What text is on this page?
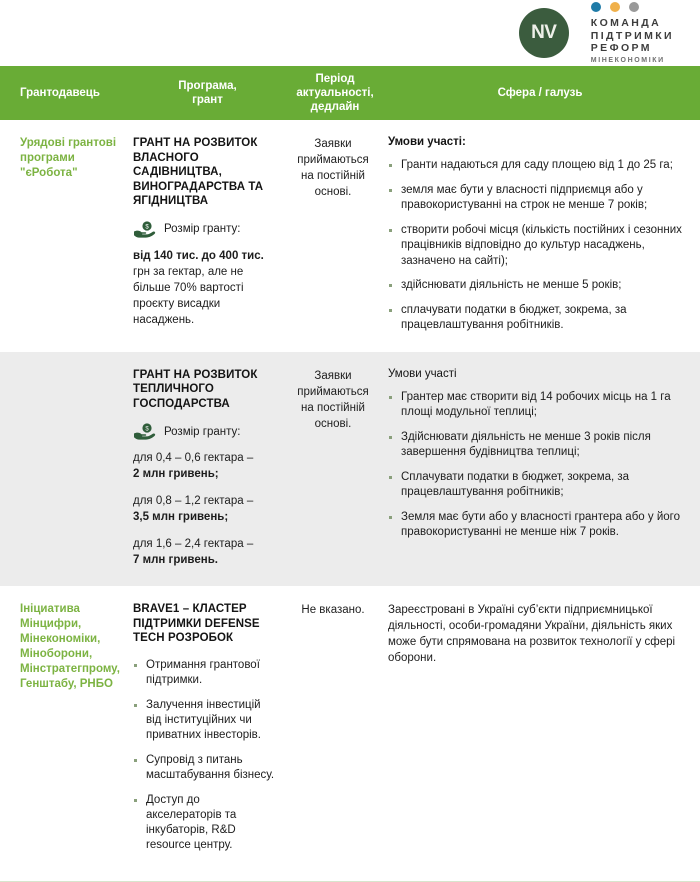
NV	КОМАНДА
ПІДТРИМКИ
РЕФОРМ
МІНЕКОНОМІКИ
Грантодавець
Програма,
грант
Період
актуальності,
дедлайн
Сфера / галузь
Урядові грантові програми "єРобота"
ГРАНТ НА РОЗВИТОК ВЛАСНОГО САДІВНИЦТВА, ВИНОГРАДАРСТВА ТА ЯГІДНИЦТВА
$ Розмір гранту:
від 140 тис. до 400 тис. грн за гектар, але не більше 70% вартості проєкту висадки насаджень.
Заявки приймаються на постійній основі.
Умови участі:
Гранти надаються для саду площею від 1 до 25 га;
земля має бути у власності підприємця або у правокористуванні на строк не менше 7 років;
створити робочі місця (кількість постійних і сезонних працівників відповідно до культур насаджень, зазначено на сайті);
здійснювати діяльність не менше 5 років;
сплачувати податки в бюджет, зокрема, за працевлаштування робітників.
ГРАНТ НА РОЗВИТОК ТЕПЛИЧНОГО ГОСПОДАРСТВА
$ Розмір гранту:
для 0,4 – 0,6 гектара –
2 млн гривень;
для 0,8 – 1,2 гектара –
3,5 млн гривень;
для 1,6 – 2,4 гектара –
7 млн гривень.
Заявки приймаються на постійній основі.
Умови участі
Грантер має створити від 14 робочих місць на 1 га площі модульної теплиці;
Здійснювати діяльність не менше 3 років після завершення будівництва теплиці;
Сплачувати податки в бюджет, зокрема, за працевлаштування робітників;
Земля має бути або у власності грантера або у його правокористуванні не менше ніж 7 років.
Ініциатива Мінцифри, Мінекономіки, Міноборони, Мінстратегпрому, Генштабу, РНБО
BRAVE1 – КЛАСТЕР ПІДТРИМКИ DEFENSE TECH РОЗРОБОК
Отримання грантової підтримки.
Залучення інвестицій від інституційних чи приватних інвесторів.
Супровід з питань масштабування бізнесу.
Доступ до акселераторів та інкубаторів, R&D resource центру.
Не вказано.	Зареєстровані в Україні суб’єкти підприємницької діяльності, особи-громадяни України, діяльність яких може бути спрямована на розвиток технології у сфері оборони.
